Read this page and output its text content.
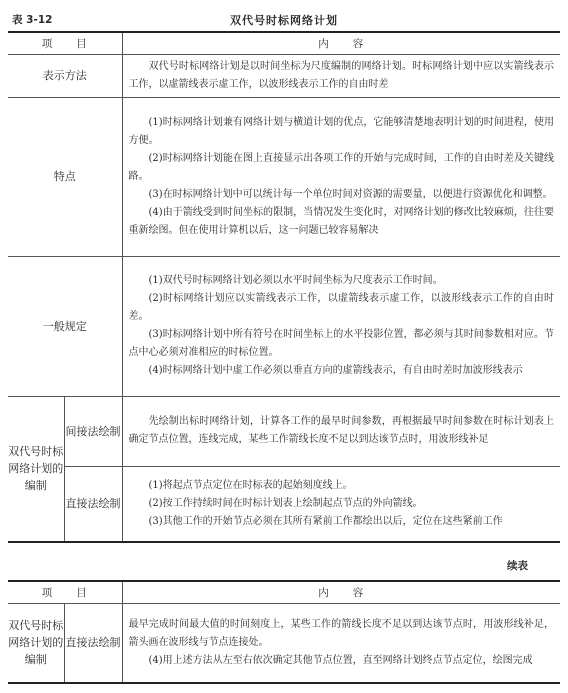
表 3-12	双代号时标网络计划
项　　目		内　　容
表示方法		双代号时标网络计划是以时间坐标为尺度编制的网络计划。时标网络计划中应以实箭线表示工作，以虚箭线表示虚工作，以波形线表示工作的自由时差

特点		(1)时标网络计划兼有网络计划与横道计划的优点，它能够清楚地表明计划的时间进程，使用方便。

(2)时标网络计划能在图上直接显示出各项工作的开始与完成时间，工作的自由时差及关键线路。

(3)在时标网络计划中可以统计每一个单位时间对资源的需要量，以便进行资源优化和调整。

(4)由于箭线受到时间坐标的限制，当情况发生变化时，对网络计划的修改比较麻烦，往往要重新绘图。但在使用计算机以后，这一问题已较容易解决

一般规定		(1)双代号时标网络计划必须以水平时间坐标为尺度表示工作时间。

(2)时标网络计划应以实箭线表示工作，以虚箭线表示虚工作，以波形线表示工作的自由时差。

(3)时标网络计划中所有符号在时间坐标上的水平投影位置，都必须与其时间参数相对应。节点中心必须对准相应的时标位置。

(4)时标网络计划中虚工作必须以垂直方向的虚箭线表示，有自由时差时加波形线表示

双代号时标网络计划的编制	间接法绘制	先绘制出标时网络计划，计算各工作的最早时间参数，再根据最早时间参数在时标计划表上确定节点位置，连线完成，某些工作箭线长度不足以到达该节点时，用波形线补足

	直接法绘制	(1)将起点节点定位在时标表的起始刻度线上。

(2)按工作持续时间在时标计划表上绘制起点节点的外向箭线。

(3)其他工作的开始节点必须在其所有紧前工作都绘出以后，定位在这些紧前工作

续表
项　　目		内　　容
双代号时标网络计划的编制	直接法绘制	最早完成时间最大值的时间刻度上，某些工作的箭线长度不足以到达该节点时，用波形线补足，箭头画在波形线与节点连接处。

(4)用上述方法从左至右依次确定其他节点位置，直至网络计划终点节点定位，绘图完成
